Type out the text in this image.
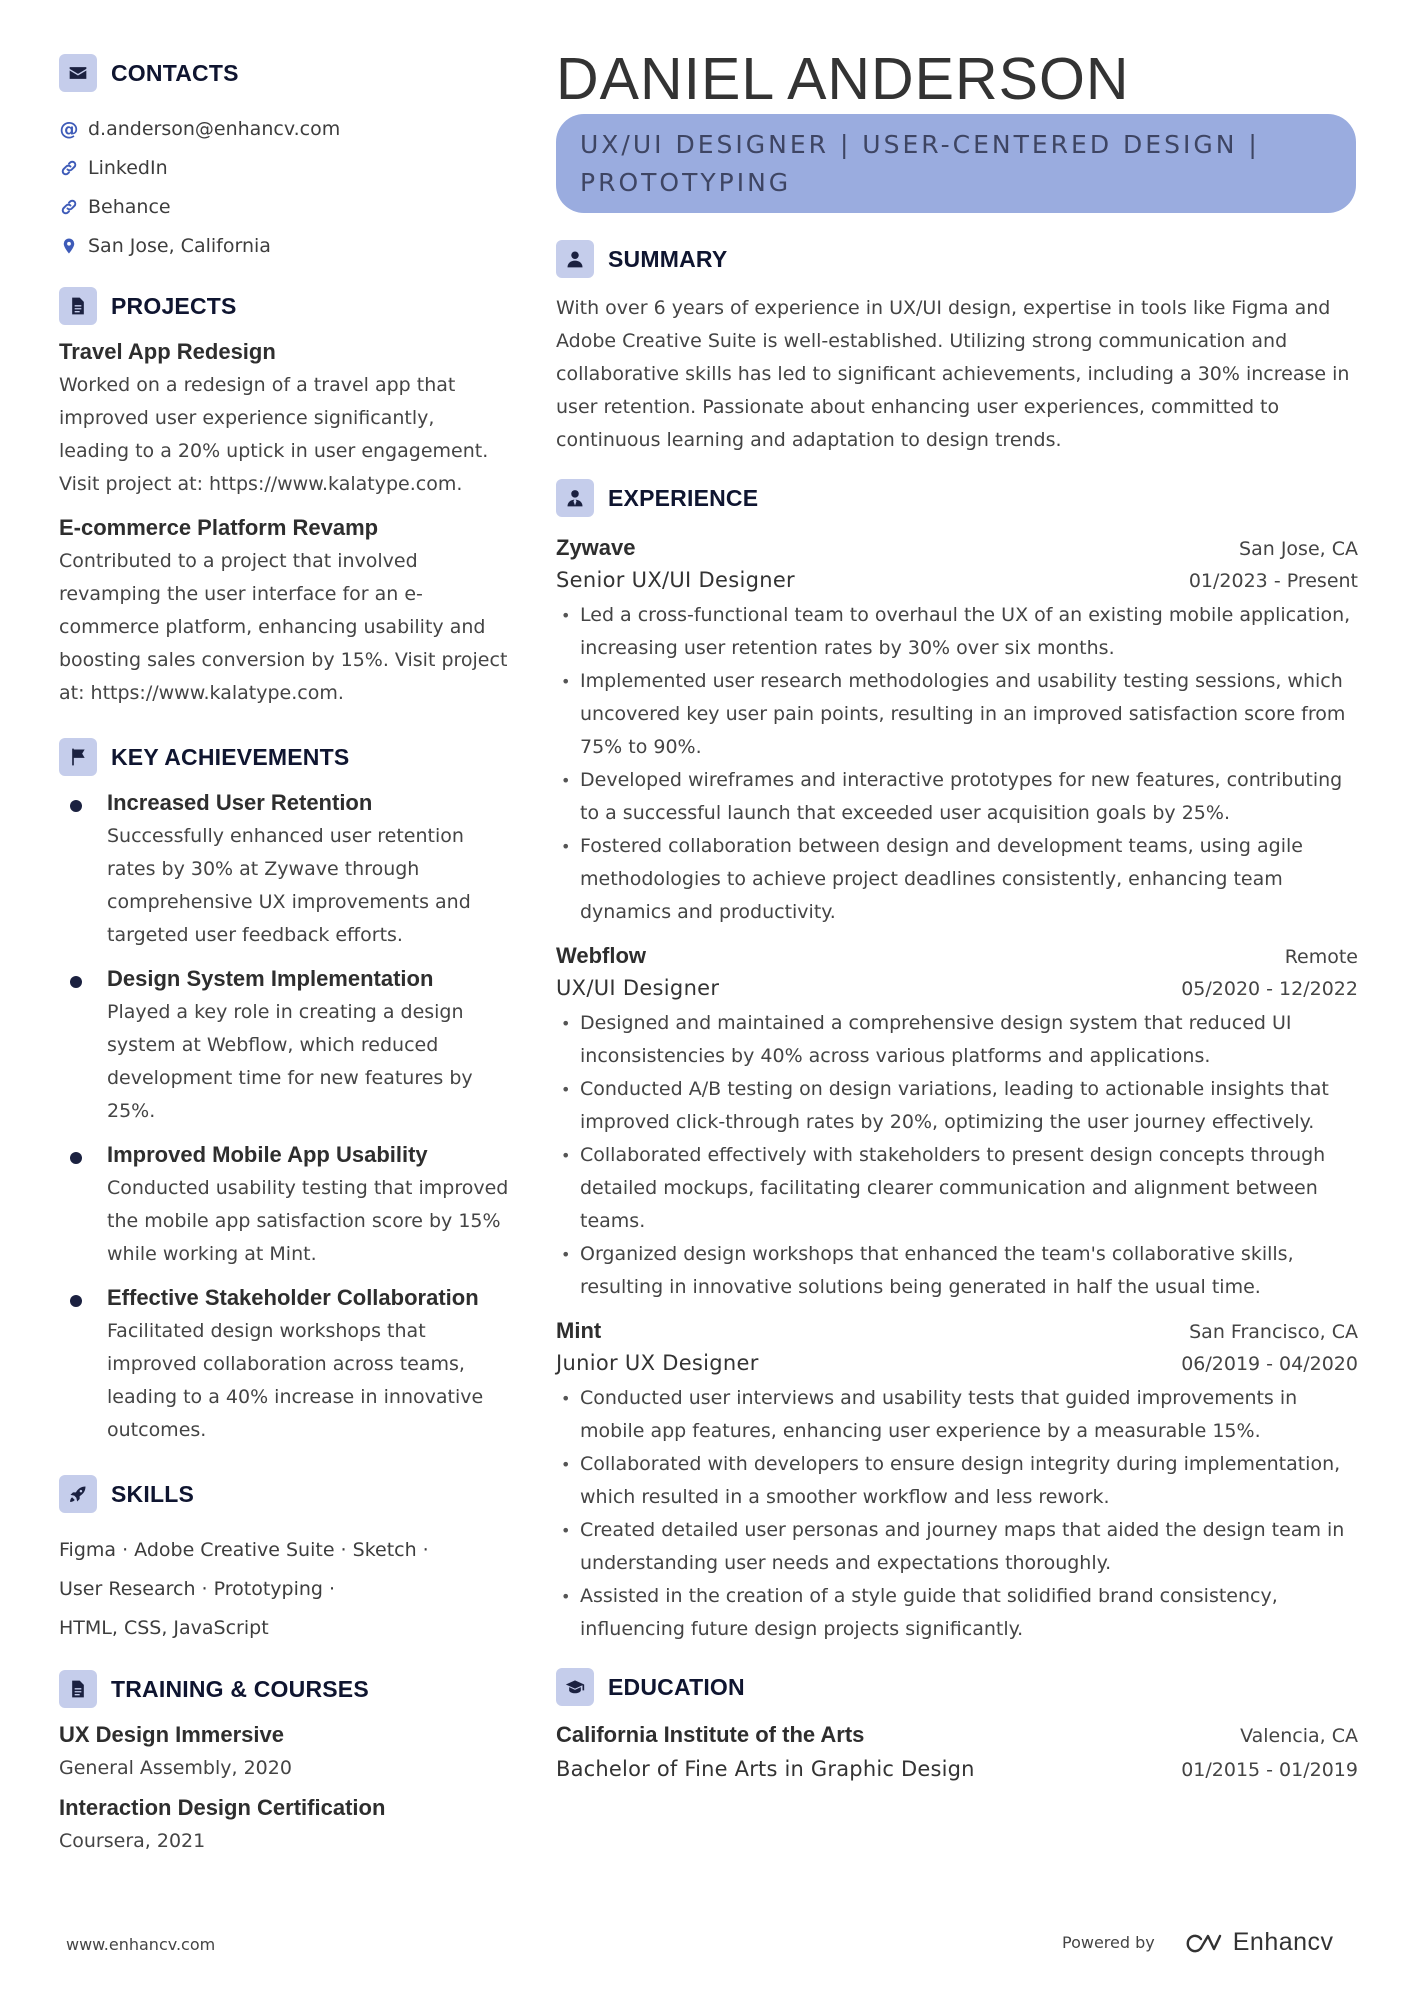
CONTACTS
@ d.anderson@enhancv.com
LinkedIn
Behance
San Jose, California
PROJECTS
Travel App Redesign
Worked on a redesign of a travel app that improved user experience significantly, leading to a 20% uptick in user engagement. Visit project at: https://www.kalatype.com.
E-commerce Platform Revamp
Contributed to a project that involved revamping the user interface for an e-commerce platform, enhancing usability and boosting sales conversion by 15%. Visit project at: https://www.kalatype.com.
KEY ACHIEVEMENTS
Increased User Retention
Successfully enhanced user retention rates by 30% at Zywave through comprehensive UX improvements and targeted user feedback efforts.
Design System Implementation
Played a key role in creating a design system at Webflow, which reduced development time for new features by 25%.
Improved Mobile App Usability
Conducted usability testing that improved the mobile app satisfaction score by 15% while working at Mint.
Effective Stakeholder Collaboration
Facilitated design workshops that improved collaboration across teams, leading to a 40% increase in innovative outcomes.
SKILLS
Figma · Adobe Creative Suite · Sketch ·
User Research · Prototyping ·
HTML, CSS, JavaScript
TRAINING & COURSES
UX Design Immersive
General Assembly, 2020
Interaction Design Certification
Coursera, 2021
DANIEL ANDERSON
UX/UI DESIGNER | USER-CENTERED DESIGN |
PROTOTYPING
SUMMARY
With over 6 years of experience in UX/UI design, expertise in tools like Figma and Adobe Creative Suite is well-established. Utilizing strong communication and collaborative skills has led to significant achievements, including a 30% increase in user retention. Passionate about enhancing user experiences, committed to continuous learning and adaptation to design trends.
EXPERIENCE
Zywave	San Jose, CA
Senior UX/UI Designer	01/2023 - Present
• Led a cross-functional team to overhaul the UX of an existing mobile application, increasing user retention rates by 30% over six months.
• Implemented user research methodologies and usability testing sessions, which uncovered key user pain points, resulting in an improved satisfaction score from 75% to 90%.
• Developed wireframes and interactive prototypes for new features, contributing to a successful launch that exceeded user acquisition goals by 25%.
• Fostered collaboration between design and development teams, using agile methodologies to achieve project deadlines consistently, enhancing team dynamics and productivity.
Webflow	Remote
UX/UI Designer	05/2020 - 12/2022
• Designed and maintained a comprehensive design system that reduced UI inconsistencies by 40% across various platforms and applications.
• Conducted A/B testing on design variations, leading to actionable insights that improved click-through rates by 20%, optimizing the user journey effectively.
• Collaborated effectively with stakeholders to present design concepts through detailed mockups, facilitating clearer communication and alignment between teams.
• Organized design workshops that enhanced the team's collaborative skills, resulting in innovative solutions being generated in half the usual time.
Mint	San Francisco, CA
Junior UX Designer	06/2019 - 04/2020
• Conducted user interviews and usability tests that guided improvements in mobile app features, enhancing user experience by a measurable 15%.
• Collaborated with developers to ensure design integrity during implementation, which resulted in a smoother workflow and less rework.
• Created detailed user personas and journey maps that aided the design team in understanding user needs and expectations thoroughly.
• Assisted in the creation of a style guide that solidified brand consistency, influencing future design projects significantly.
EDUCATION
California Institute of the Arts	Valencia, CA
Bachelor of Fine Arts in Graphic Design	01/2015 - 01/2019
www.enhancv.com	Powered by	Enhancv
